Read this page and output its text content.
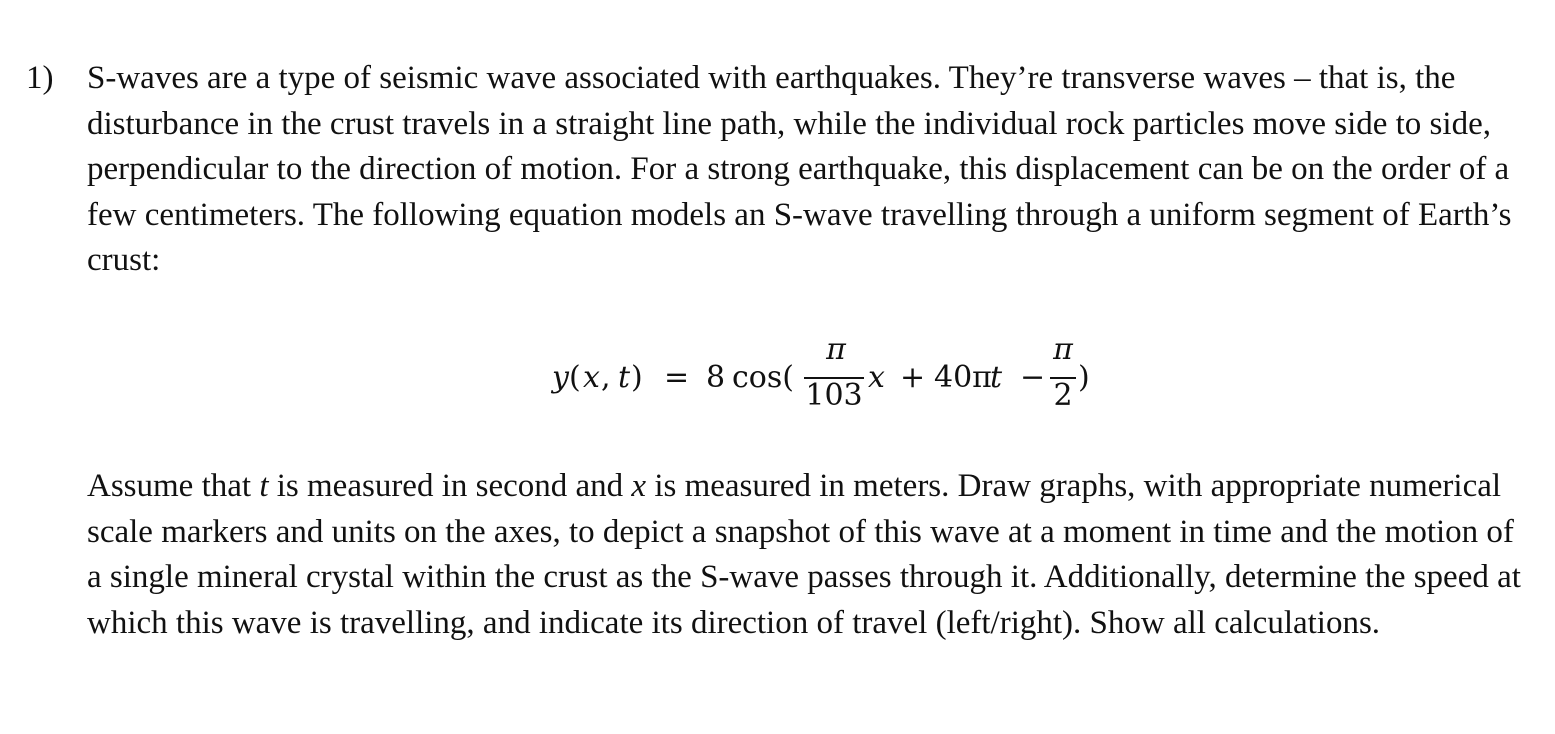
1) S-waves are a type of seismic wave associated with earthquakes. They’re transverse waves – that is, the disturbance in the crust travels in a straight line path, while the individual rock particles move side to side, perpendicular to the direction of motion. For a strong earthquake, this displacement can be on the order of a few centimeters. The following equation models an S-wave travelling through a uniform segment of Earth’s crust:

y ( x , t ) = 8 cos(
π
103
x + 40π
t −
π
2
)

Assume that t is measured in second and x is measured in meters. Draw graphs, with appropriate numerical scale markers and units on the axes, to depict a snapshot of this wave at a moment in time and the motion of a single mineral crystal within the crust as the S-wave passes through it. Additionally, determine the speed at which this wave is travelling, and indicate its direction of travel (left/right). Show all calculations.
